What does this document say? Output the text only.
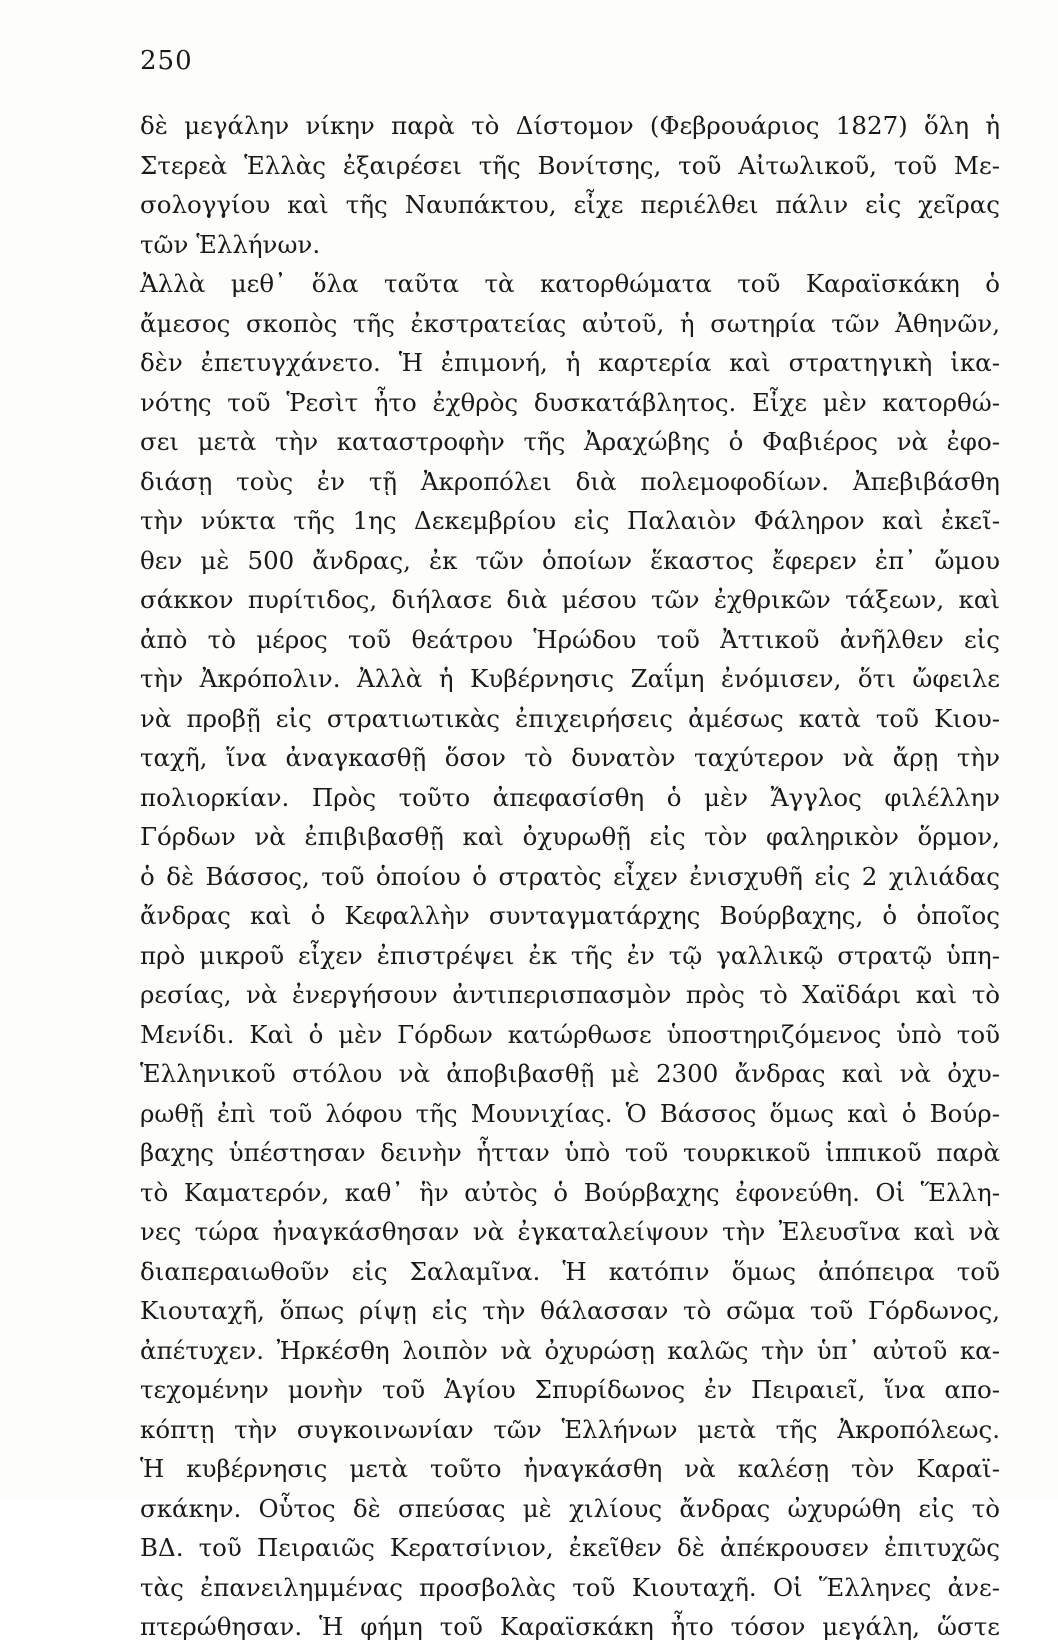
250
δὲ μεγάλην νίκην παρὰ τὸ Δίστομον (Φεβρουάριος 1827) ὅλη ἡ
Στερεὰ Ἑλλὰς ἐξαιρέσει τῆς Βονίτσης, τοῦ Αἰτωλικοῦ, τοῦ Με-
σολογγίου καὶ τῆς Ναυπάκτου, εἶχε περιέλθει πάλιν εἰς χεῖρας
τῶν Ἑλλήνων.
Ἀλλὰ μεθ᾽ ὅλα ταῦτα τὰ κατορθώματα τοῦ Καραϊσκάκη ὁ
ἄμεσος σκοπὸς τῆς ἐκστρατείας αὐτοῦ, ἡ σωτηρία τῶν Ἀθηνῶν,
δὲν ἐπετυγχάνετο. Ἡ ἐπιμονή, ἡ καρτερία καὶ στρατηγικὴ ἱκα-
νότης τοῦ Ῥεσὶτ ἦτο ἐχθρὸς δυσκατάβλητος. Εἶχε μὲν κατορθώ-
σει μετὰ τὴν καταστροφὴν τῆς Ἀραχώβης ὁ Φαβιέρος νὰ ἐφο-
διάσῃ τοὺς ἐν τῇ Ἀκροπόλει διὰ πολεμοφοδίων. Ἀπεβιβάσθη
τὴν νύκτα τῆς 1ης Δεκεμβρίου εἰς Παλαιὸν Φάληρον καὶ ἐκεῖ-
θεν μὲ 500 ἄνδρας, ἐκ τῶν ὁποίων ἕκαστος ἔφερεν ἐπ᾽ ὤμου
σάκκον πυρίτιδος, διήλασε διὰ μέσου τῶν ἐχθρικῶν τάξεων, καὶ
ἀπὸ τὸ μέρος τοῦ θεάτρου Ἡρώδου τοῦ Ἀττικοῦ ἀνῆλθεν εἰς
τὴν Ἀκρόπολιν. Ἀλλὰ ἡ Κυβέρνησις Ζαΐμη ἐνόμισεν, ὅτι ὤφειλε
νὰ προβῇ εἰς στρατιωτικὰς ἐπιχειρήσεις ἀμέσως κατὰ τοῦ Κιου-
ταχῆ, ἵνα ἀναγκασθῇ ὅσον τὸ δυνατὸν ταχύτερον νὰ ἄρῃ τὴν
πολιορκίαν. Πρὸς τοῦτο ἀπεφασίσθη ὁ μὲν Ἄγγλος φιλέλλην
Γόρδων νὰ ἐπιβιβασθῇ καὶ ὀχυρωθῇ εἰς τὸν φαληρικὸν ὅρμον,
ὁ δὲ Βάσσος, τοῦ ὁποίου ὁ στρατὸς εἶχεν ἐνισχυθῆ εἰς 2 χιλιάδας
ἄνδρας καὶ ὁ Κεφαλλὴν συνταγματάρχης Βούρβαχης, ὁ ὁποῖος
πρὸ μικροῦ εἶχεν ἐπιστρέψει ἐκ τῆς ἐν τῷ γαλλικῷ στρατῷ ὑπη-
ρεσίας, νὰ ἐνεργήσουν ἀντιπερισπασμὸν πρὸς τὸ Χαϊδάρι καὶ τὸ
Μενίδι. Καὶ ὁ μὲν Γόρδων κατώρθωσε ὑποστηριζόμενος ὑπὸ τοῦ
Ἑλληνικοῦ στόλου νὰ ἀποβιβασθῇ μὲ 2300 ἄνδρας καὶ νὰ ὀχυ-
ρωθῇ ἐπὶ τοῦ λόφου τῆς Μουνιχίας. Ὁ Βάσσος ὅμως καὶ ὁ Βούρ-
βαχης ὑπέστησαν δεινὴν ἧτταν ὑπὸ τοῦ τουρκικοῦ ἱππικοῦ παρὰ
τὸ Καματερόν, καθ᾽ ἣν αὐτὸς ὁ Βούρβαχης ἐφονεύθη. Οἱ Ἕλλη-
νες τώρα ἠναγκάσθησαν νὰ ἐγκαταλείψουν τὴν Ἐλευσῖνα καὶ νὰ
διαπεραιωθοῦν εἰς Σαλαμῖνα. Ἡ κατόπιν ὅμως ἀπόπειρα τοῦ
Κιουταχῆ, ὅπως ρίψῃ εἰς τὴν θάλασσαν τὸ σῶμα τοῦ Γόρδωνος,
ἀπέτυχεν. Ἠρκέσθη λοιπὸν νὰ ὀχυρώσῃ καλῶς τὴν ὑπ᾽ αὐτοῦ κα-
τεχομένην μονὴν τοῦ Ἁγίου Σπυρίδωνος ἐν Πειραιεῖ, ἵνα απο-
κόπτῃ τὴν συγκοινωνίαν τῶν Ἑλλήνων μετὰ τῆς Ἀκροπόλεως.
Ἡ κυβέρνησις μετὰ τοῦτο ἠναγκάσθη νὰ καλέσῃ τὸν Καραϊ-
σκάκην. Οὗτος δὲ σπεύσας μὲ χιλίους ἄνδρας ὠχυρώθη εἰς τὸ
ΒΔ. τοῦ Πειραιῶς Κερατσίνιον, ἐκεῖθεν δὲ ἀπέκρουσεν ἐπιτυχῶς
τὰς ἐπανειλημμένας προσβολὰς τοῦ Κιουταχῆ. Οἱ Ἕλληνες ἀνε-
πτερώθησαν. Ἡ φήμη τοῦ Καραϊσκάκη ἦτο τόσον μεγάλη, ὥστε
